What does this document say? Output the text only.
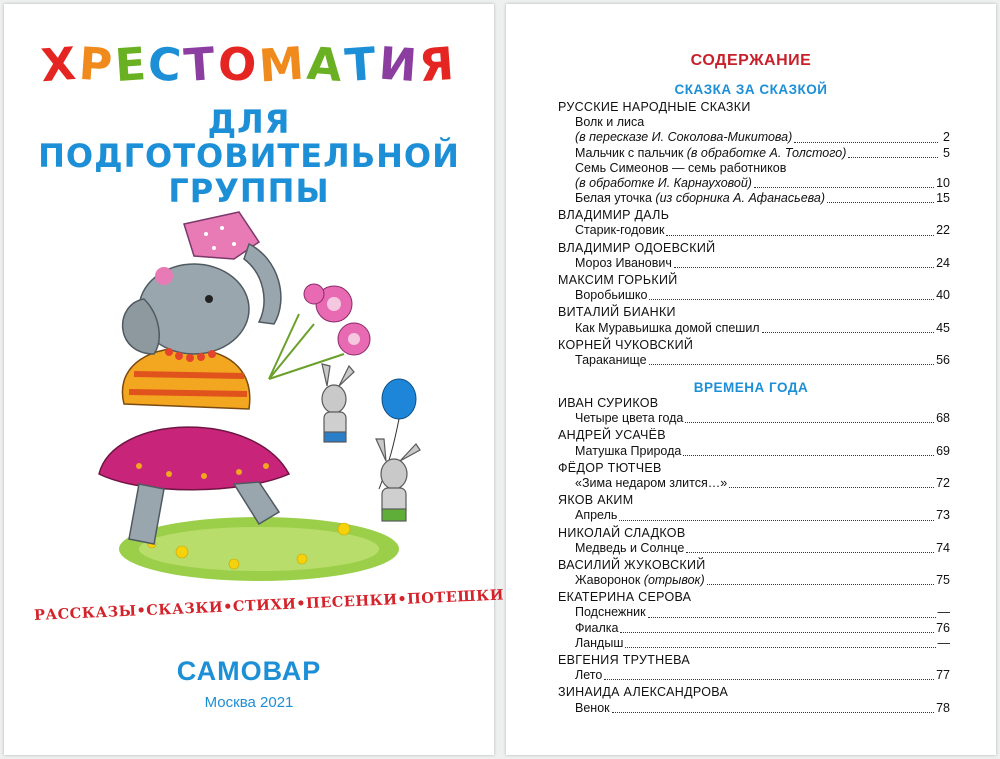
ХРЕСТОМАТИЯ
ДЛЯ
ПОДГОТОВИТЕЛЬНОЙ
ГРУППЫ
РАССКАЗЫ•СКАЗКИ•СТИХИ•ПЕСЕНКИ•ПОТЕШКИ
САМОВАР
Москва 2021
СОДЕРЖАНИЕ
СКАЗКА ЗА СКАЗКОЙ
РУССКИЕ НАРОДНЫЕ СКАЗКИ
Волк и лиса
(в пересказе И. Соколова-Микитова)	2
Мальчик с пальчик (в обработке А. Толстого)	5
Семь Симеонов — семь работников
(в обработке И. Карнауховой)	10
Белая уточка (из сборника А. Афанасьева)	15
ВЛАДИМИР ДАЛЬ
Старик-годовик	22
ВЛАДИМИР ОДОЕВСКИЙ
Мороз Иванович	24
МАКСИМ ГОРЬКИЙ
Воробьишко	40
ВИТАЛИЙ БИАНКИ
Как Муравьишка домой спешил	45
КОРНЕЙ ЧУКОВСКИЙ
Тараканище	56
ВРЕМЕНА ГОДА
ИВАН СУРИКОВ
Четыре цвета года	68
АНДРЕЙ УСАЧЁВ
Матушка Природа	69
ФЁДОР ТЮТЧЕВ
«Зима недаром злится…»	72
ЯКОВ АКИМ
Апрель	73
НИКОЛАЙ СЛАДКОВ
Медведь и Солнце	74
ВАСИЛИЙ ЖУКОВСКИЙ
Жаворонок (отрывок)	75
ЕКАТЕРИНА СЕРОВА
Подснежник	—
Фиалка	76
Ландыш	—
ЕВГЕНИЯ ТРУТНЕВА
Лето	77
ЗИНАИДА АЛЕКСАНДРОВА
Венок	78
